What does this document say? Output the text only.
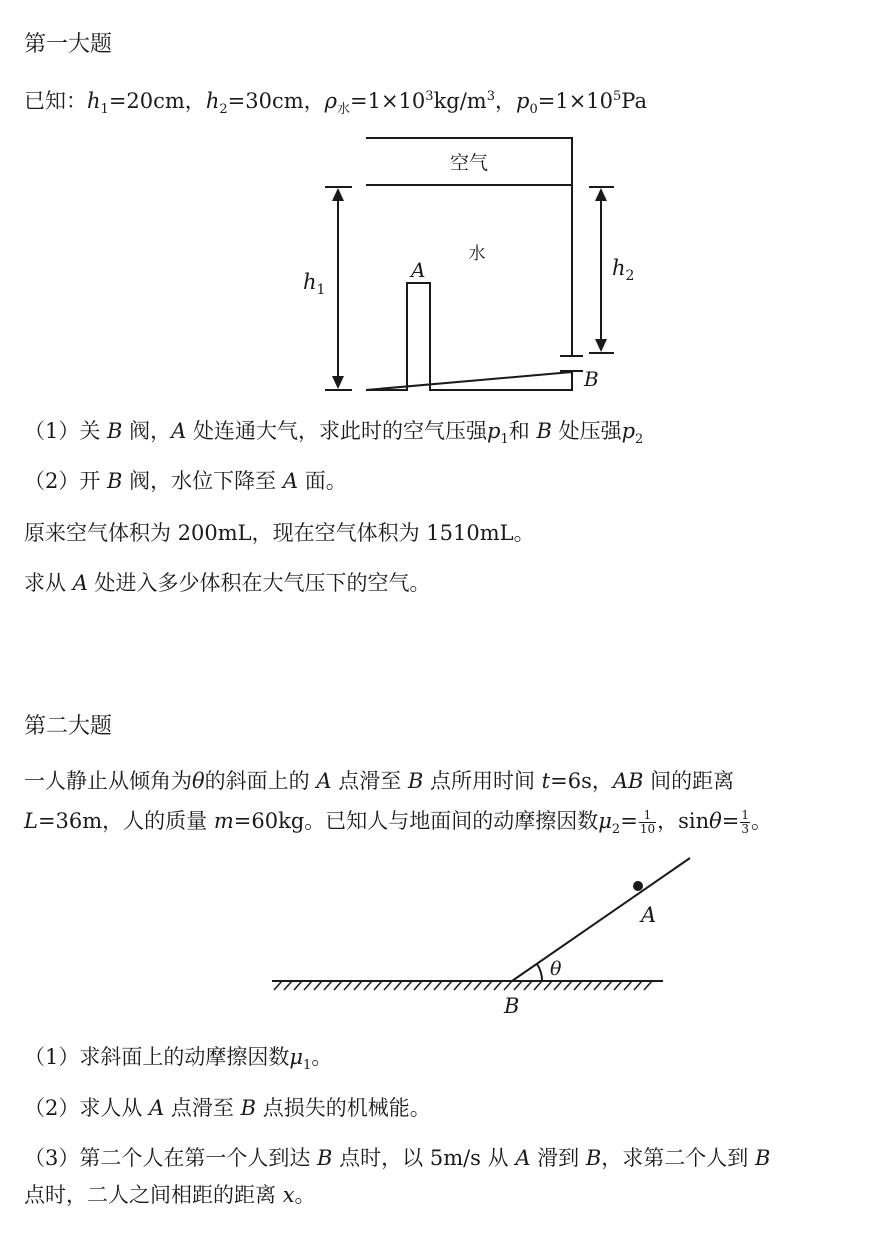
第一大题
已知：$h_1=20cm$，$h_2=30cm$，$\rho_水=1\times 10^3kg/m^3$，$p_0=1\times 10^5Pa$
空气
水
A
B
$h_1$
$h_2$
（1）关 B 阀，A 处连通大气，求此时的空气压强$p_1$和 B 处压强$p_2$
（2）开 B 阀，水位下降至 A 面。
原来空气体积为 200mL，现在空气体积为 1510mL。
求从 A 处进入多少体积在大气压下的空气。
第二大题
一人静止从倾角为θ的斜面上的 A 点滑至 B 点所用时间 t=6s，AB 间的距离
L=36m，人的质量 m=60kg。已知人与地面间的动摩擦因数$\mu_2= \frac{1}{10}$ ，$\sin\theta= \frac{1}{3}$ 。
A
B
θ
（1）求斜面上的动摩擦因数$\mu_1$。
（2）求人从 A 点滑至 B 点损失的机械能。
（3）第二个人在第一个人到达 B 点时，以 5m/s 从 A 滑到 B，求第二个人到 B
点时，二人之间相距的距离 x。
